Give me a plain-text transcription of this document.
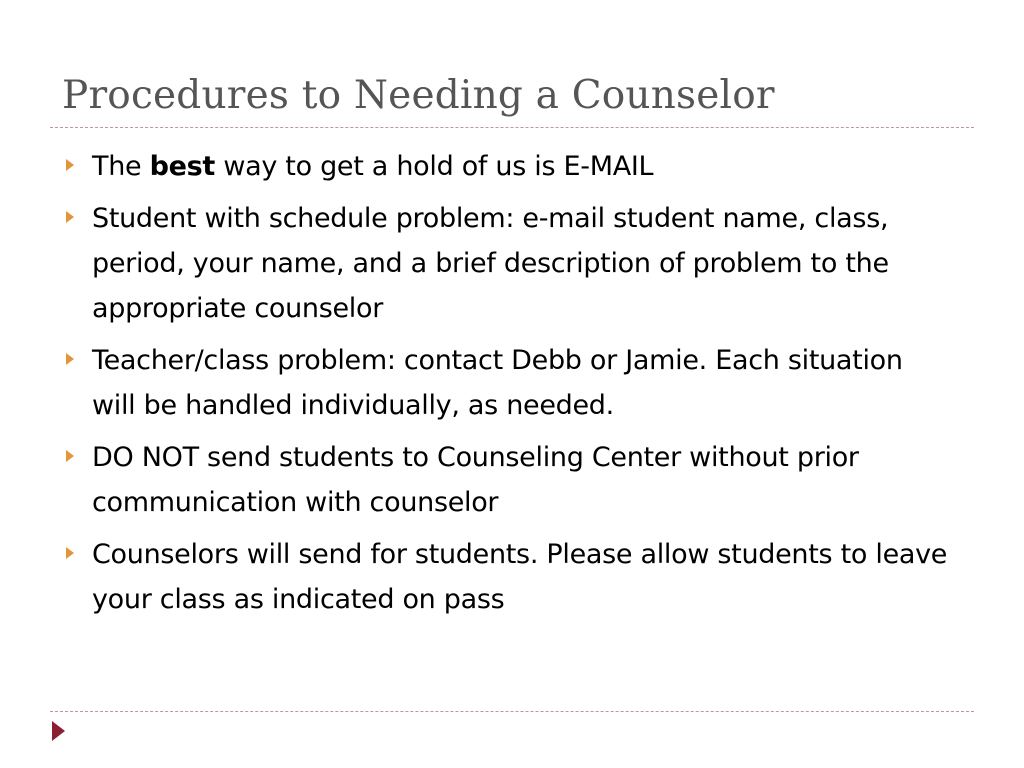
Procedures to Needing a Counselor
The best way to get a hold of us is E-MAIL
Student with schedule problem: e-mail student name, class, period, your name, and a brief description of problem to the appropriate counselor
Teacher/class problem: contact Debb or Jamie. Each situation will be handled individually, as needed.
DO NOT send students to Counseling Center without prior communication with counselor
Counselors will send for students. Please allow students to leave your class as indicated on pass
